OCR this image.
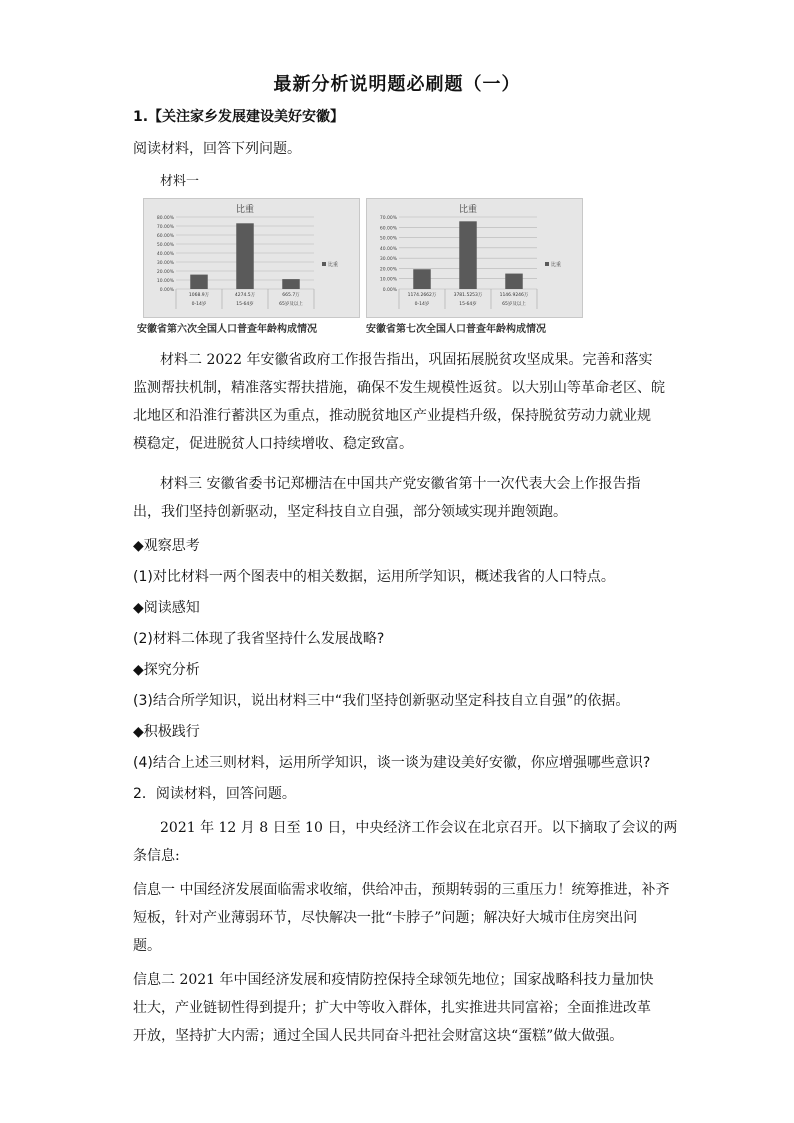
最新分析说明题必刷题（一）
1.【关注家乡发展建设美好安徽】
阅读材料，回答下列问题。
材料一
比重
0.00%
10.00%
20.00%
30.00%
40.00%
50.00%
60.00%
70.00%
80.00%
1068.9万
0-14岁
4274.5万
15-64岁
665.7万
65岁及以上
比重
安徽省第六次全国人口普查年龄构成情况
比重
0.00%
10.00%
20.00%
30.00%
40.00%
50.00%
60.00%
70.00%
1174.2662万
0-14岁
3781.5253万
15-64岁
1146.9246万
65岁及以上
比重
安徽省第七次全国人口普查年龄构成情况
材料二 2022 年安徽省政府工作报告指出，巩固拓展脱贫攻坚成果。完善和落实
监测帮扶机制，精准落实帮扶措施，确保不发生规模性返贫。以大别山等革命老区、皖
北地区和沿淮行蓄洪区为重点，推动脱贫地区产业提档升级，保持脱贫劳动力就业规
模稳定，促进脱贫人口持续增收、稳定致富。
材料三 安徽省委书记郑栅洁在中国共产党安徽省第十一次代表大会上作报告指
出，我们坚持创新驱动，坚定科技自立自强，部分领域实现并跑领跑。
◆观察思考
(1)对比材料一两个图表中的相关数据，运用所学知识，概述我省的人口特点。
◆阅读感知
(2)材料二体现了我省坚持什么发展战略?
◆探究分析
(3)结合所学知识，说出材料三中“我们坚持创新驱动坚定科技自立自强”的依据。
◆积极践行
(4)结合上述三则材料，运用所学知识，谈一谈为建设美好安徽，你应增强哪些意识?
2．阅读材料，回答问题。
2021 年 12 月 8 日至 10 日，中央经济工作会议在北京召开。以下摘取了会议的两
条信息:
信息一 中国经济发展面临需求收缩，供给冲击，预期转弱的三重压力！统筹推进，补齐
短板，针对产业薄弱环节，尽快解决一批“卡脖子”问题；解决好大城市住房突出问
题。
信息二 2021 年中国经济发展和疫情防控保持全球领先地位；国家战略科技力量加快
壮大，产业链韧性得到提升；扩大中等收入群体，扎实推进共同富裕；全面推进改革
开放，坚持扩大内需；通过全国人民共同奋斗把社会财富这块“蛋糕”做大做强。
